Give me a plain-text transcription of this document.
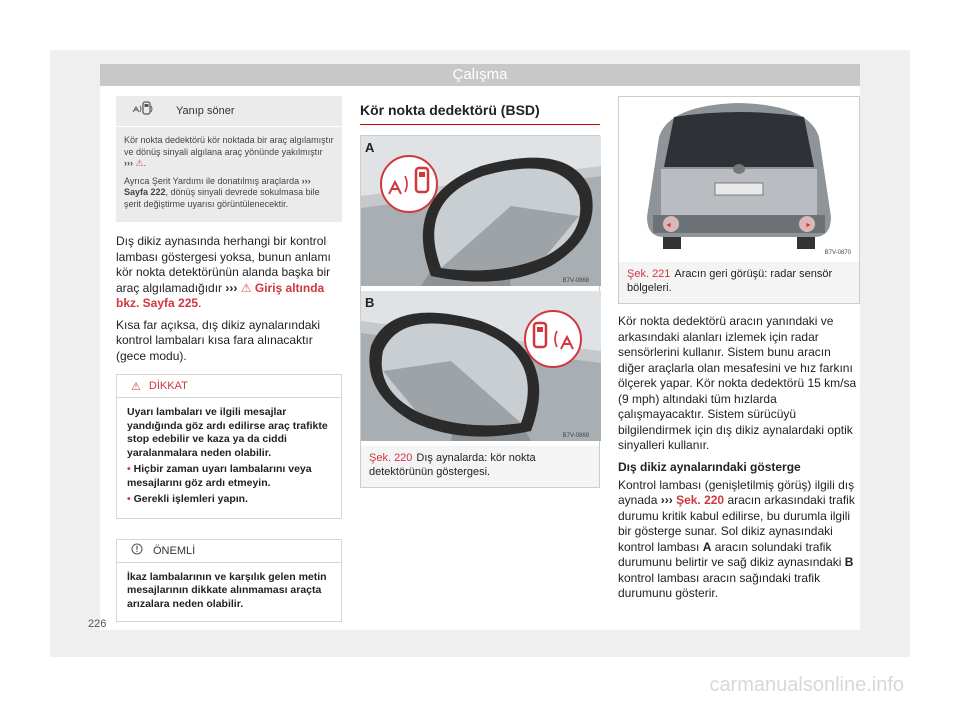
Çalışma
Yanıp söner

Kör nokta dedektörü kör noktada bir araç algılamıştır ve dönüş sinyali algılana araç yönünde yakılmıştır
››› ⚠.

Ayrıca Şerit Yardımı ile donatılmış araçlarda ››› Sayfa 222, dönüş sinyali devrede sokulmasa bile şerit değiştirme uyarısı görüntülenecektir.

Dış dikiz aynasında herhangi bir kontrol lambası göstergesi yoksa, bunun anlamı kör nokta detektörünün alanda başka bir araç algılamadığıdır ››› ⚠ Giriş altında bkz. Sayfa 225.

Kısa far açıksa, dış dikiz aynalarındaki kontrol lambaları kısa fara alınacaktır (gece modu).

⚠ DİKKAT

Uyarı lambaları ve ilgili mesajlar yandığında göz ardı edilirse araç trafikte stop edebilir ve kaza ya da ciddi yaralanmalara neden olabilir.

• Hiçbir zaman uyarı lambalarını veya mesajlarını göz ardı etmeyin.

• Gerekli işlemleri yapın.

ÖNEMLİ
İkaz lambalarının ve karşılık gelen metin mesajlarının dikkate alınmaması araçta arızalara neden olabilir.
Kör nokta dedektörü (BSD)
B7V-0868
A
B7V-0869
B
Şek. 220 Dış aynalarda: kör nokta detektörünün göstergesi.
◄	►
B7V-0870
Şek. 221 Aracın geri görüşü: radar sensör bölgeleri.

Kör nokta dedektörü aracın yanındaki ve arkasındaki alanları izlemek için radar sensörlerini kullanır. Sistem bunu aracın diğer araçlarla olan mesafesini ve hız farkını ölçerek yapar. Kör nokta dedektörü 15 km/sa (9 mph) altındaki tüm hızlarda çalışmayacaktır. Sistem sürücüyü bilgilendirmek için dış dikiz aynalardaki optik sinyalleri kullanır.

Dış dikiz aynalarındaki gösterge

Kontrol lambası (genişletilmiş görüş) ilgili dış aynada ››› Şek. 220 aracın arkasındaki trafik durumu kritik kabul edilirse, bu durumla ilgili bir gösterge sunar. Sol dikiz aynasındaki kontrol lambası A aracın solundaki trafik durumunu belirtir ve sağ dikiz aynasındaki B kontrol lambası aracın sağındaki trafik durumunu gösterir.

226
carmanualsonline.info
